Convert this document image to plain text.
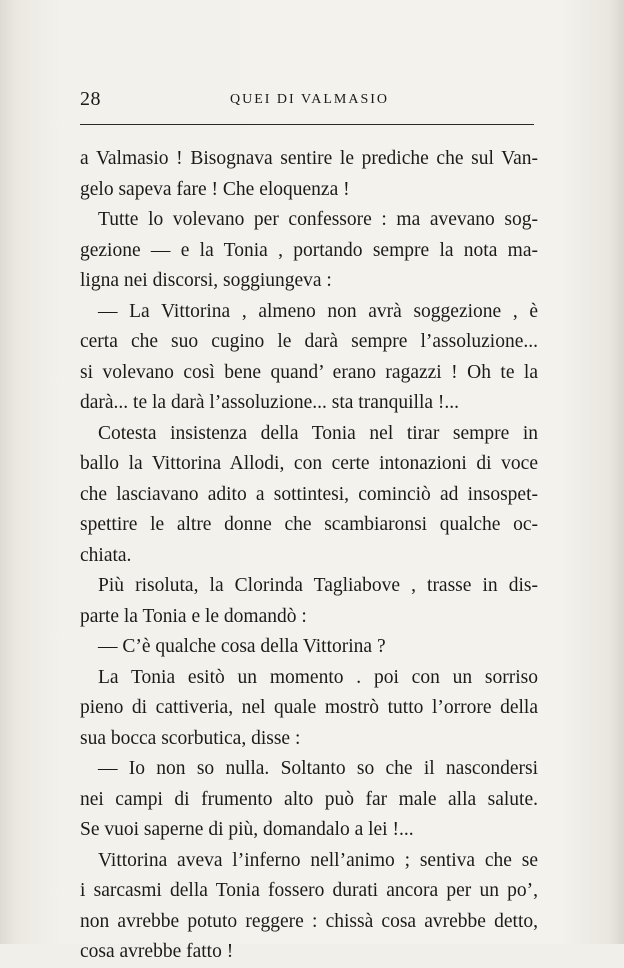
28	QUEI DI VALMASIO
a Valmasio ! Bisognava sentire le prediche che sul Van-
gelo sapeva fare ! Che eloquenza !
Tutte lo volevano per confessore : ma avevano sog-
gezione — e la Tonia , portando sempre la nota ma-
ligna nei discorsi, soggiungeva :
— La Vittorina , almeno non avrà soggezione , è
certa che suo cugino le darà sempre l’assoluzione...
si volevano così bene quand’ erano ragazzi ! Oh te la
darà... te la darà l’assoluzione... sta tranquilla !...
Cotesta insistenza della Tonia nel tirar sempre in
ballo la Vittorina Allodi, con certe intonazioni di voce
che lasciavano adito a sottintesi, cominciò ad insospet-
spettire le altre donne che scambiaronsi qualche oc-
chiata.
Più risoluta, la Clorinda Tagliabove , trasse in dis-
parte la Tonia e le domandò :
— C’è qualche cosa della Vittorina ?
La Tonia esitò un momento . poi con un sorriso
pieno di cattiveria, nel quale mostrò tutto l’orrore della
sua bocca scorbutica, disse :
— Io non so nulla. Soltanto so che il nascondersi
nei campi di frumento alto può far male alla salute.
Se vuoi saperne di più, domandalo a lei !...
Vittorina aveva l’inferno nell’animo ; sentiva che se
i sarcasmi della Tonia fossero durati ancora per un po’,
non avrebbe potuto reggere : chissà cosa avrebbe detto,
cosa avrebbe fatto !
